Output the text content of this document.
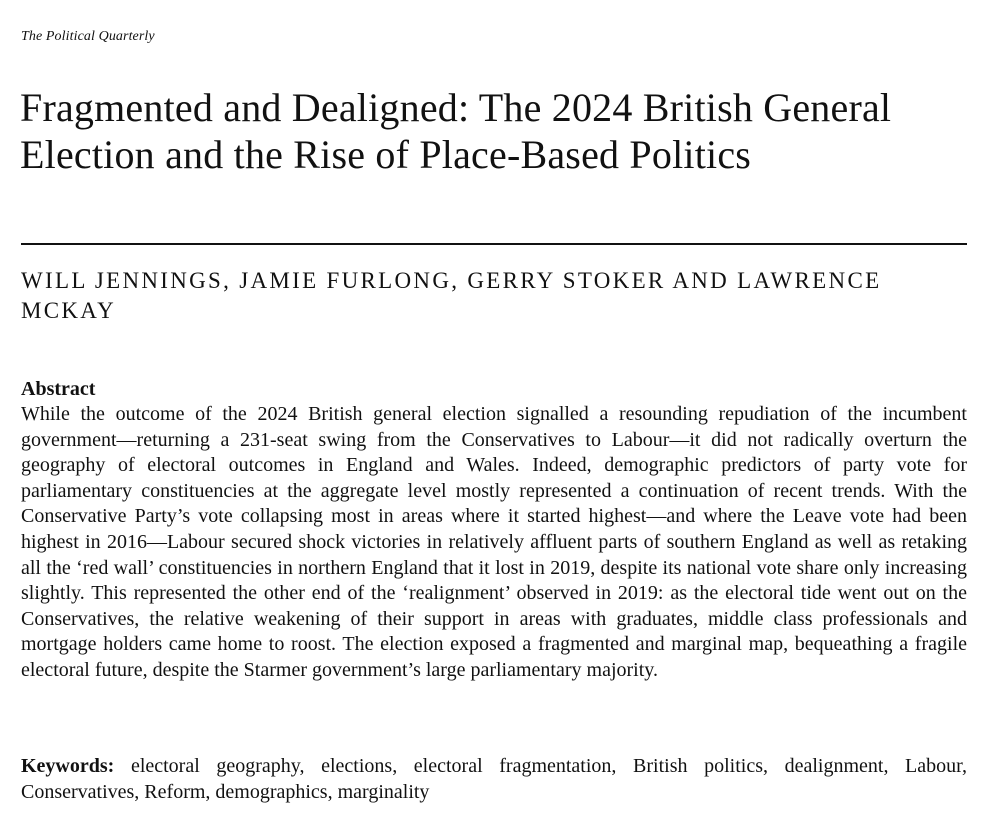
The Political Quarterly
Fragmented and Dealigned: The 2024 British General Election and the Rise of Place-Based Politics
WILL JENNINGS, JAMIE FURLONG, GERRY STOKER AND LAWRENCE MCKAY
Abstract
While the outcome of the 2024 British general election signalled a resounding repudiation of the incumbent government—returning a 231-seat swing from the Conservatives to Labour—it did not radically overturn the geography of electoral outcomes in England and Wales. Indeed, demographic predictors of party vote for parliamentary constituencies at the aggregate level mostly represented a continuation of recent trends. With the Conservative Party’s vote collapsing most in areas where it started highest—and where the Leave vote had been highest in 2016—Labour secured shock victories in relatively affluent parts of southern England as well as retaking all the ‘red wall’ constituencies in northern England that it lost in 2019, despite its national vote share only increasing slightly. This represented the other end of the ‘realignment’ observed in 2019: as the electoral tide went out on the Conservatives, the relative weakening of their support in areas with graduates, middle class professionals and mortgage holders came home to roost. The election exposed a fragmented and marginal map, bequeathing a fragile electoral future, despite the Starmer government’s large parliamentary majority.
Keywords: electoral geography, elections, electoral fragmentation, British politics, dealignment, Labour, Conservatives, Reform, demographics, marginality
